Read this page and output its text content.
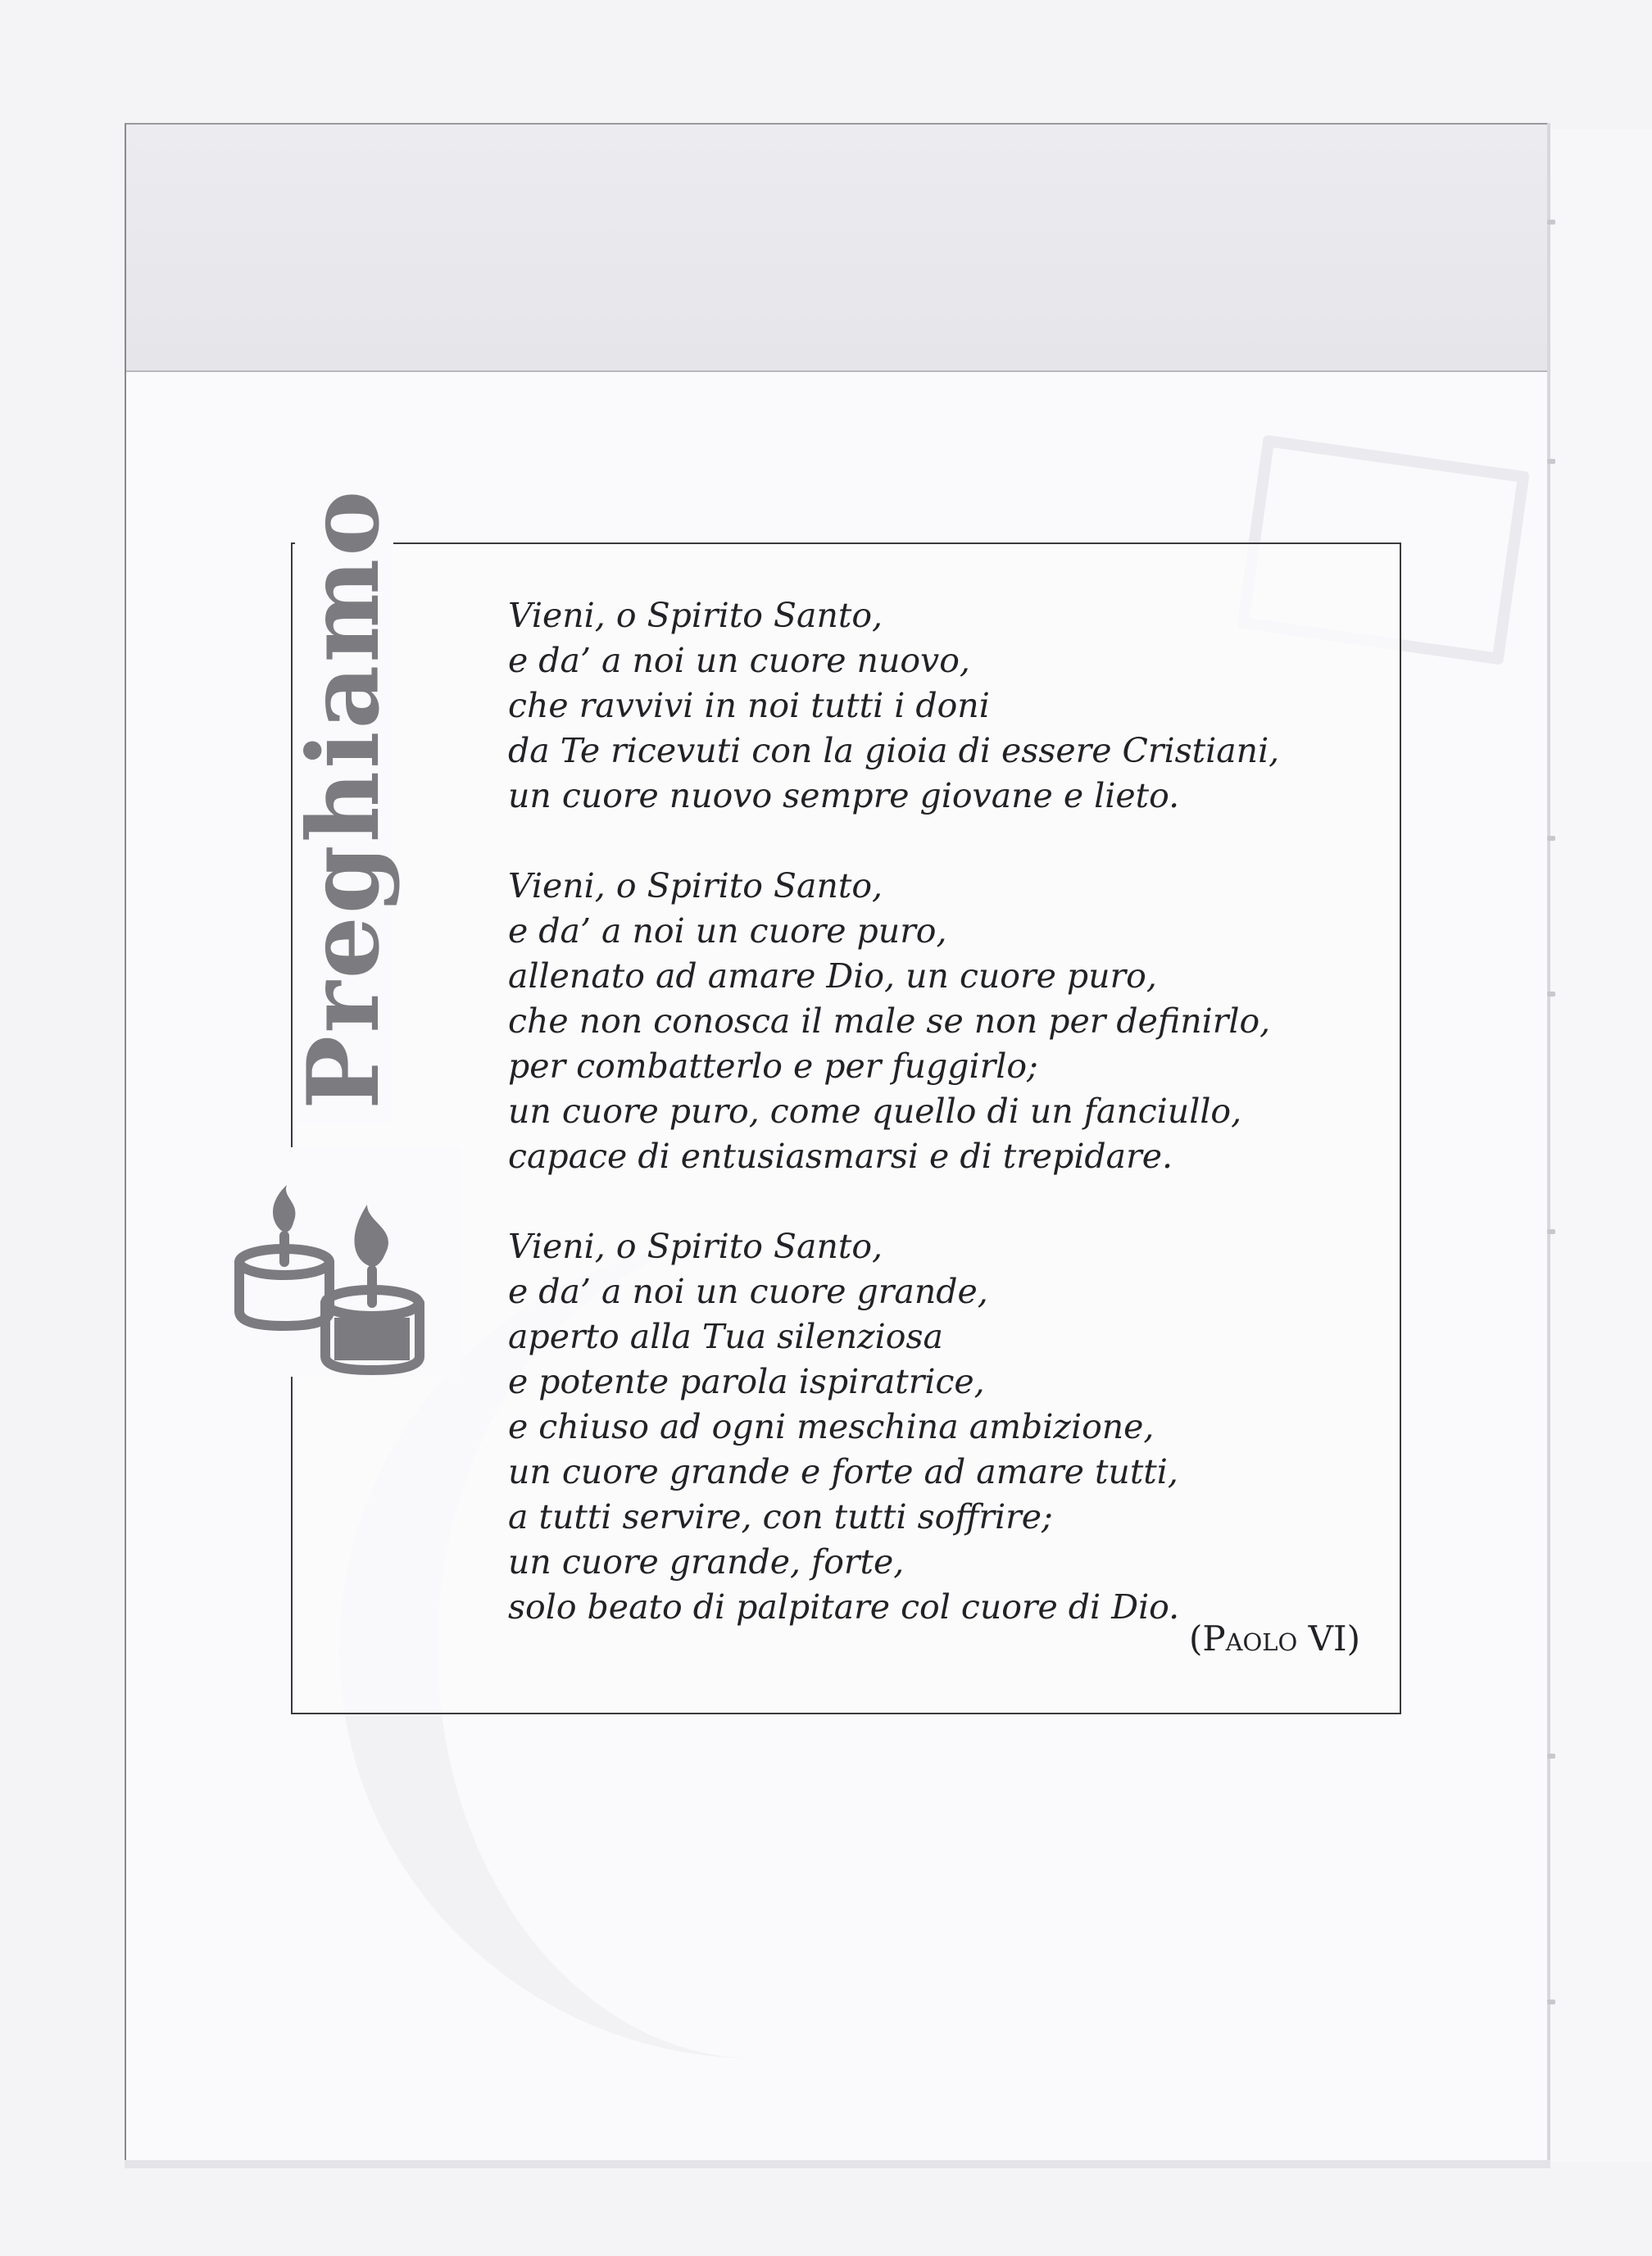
Preghiamo	Vieni, o Spirito Santo,
e da’ a noi un cuore nuovo,
che ravvivi in noi tutti i doni
da Te ricevuti con la gioia di essere Cristiani,
un cuore nuovo sempre giovane e lieto.
Vieni, o Spirito Santo,
e da’ a noi un cuore puro,
allenato ad amare Dio, un cuore puro,
che non conosca il male se non per definirlo,
per combatterlo e per fuggirlo;
un cuore puro, come quello di un fanciullo,
capace di entusiasmarsi e di trepidare.
Vieni, o Spirito Santo,
e da’ a noi un cuore grande,
aperto alla Tua silenziosa
e potente parola ispiratrice,
e chiuso ad ogni meschina ambizione,
un cuore grande e forte ad amare tutti,
a tutti servire, con tutti soffrire;
un cuore grande, forte,
solo beato di palpitare col cuore di Dio.
(Paolo VI)
